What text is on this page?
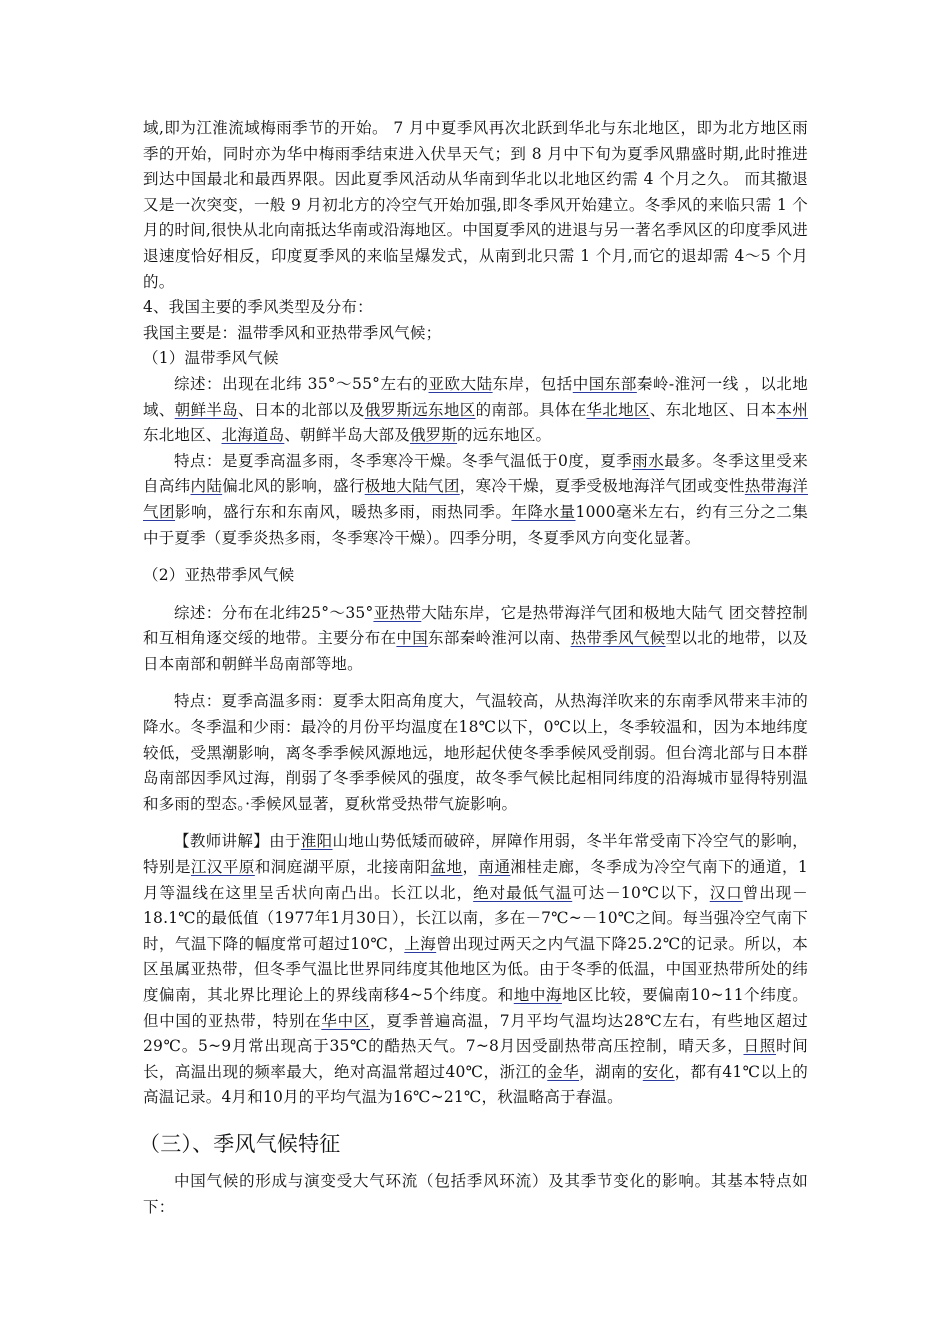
域,即为江淮流域梅雨季节的开始。 7 月中夏季风再次北跃到华北与东北地区，即为北方地区雨季的开始，同时亦为华中梅雨季结束进入伏旱天气；到 8 月中下旬为夏季风鼎盛时期,此时推进到达中国最北和最西界限。因此夏季风活动从华南到华北以北地区约需 4 个月之久。 而其撤退又是一次突变，一般 9 月初北方的冷空气开始加强,即冬季风开始建立。冬季风的来临只需 1 个月的时间,很快从北向南抵达华南或沿海地区。中国夏季风的进退与另一著名季风区的印度季风进退速度恰好相反，印度夏季风的来临呈爆发式，从南到北只需 1 个月,而它的退却需 4～5 个月的。

4、我国主要的季风类型及分布：

我国主要是：温带季风和亚热带季风气候；

（1）温带季风气候

综述：出现在北纬 35°～55°左右的亚欧大陆东岸，包括中国东部秦岭-淮河一线 ，以北地域、朝鲜半岛、日本的北部以及俄罗斯远东地区的南部。具体在华北地区、东北地区、日本本州东北地区、北海道岛、朝鲜半岛大部及俄罗斯的远东地区。

特点：是夏季高温多雨，冬季寒冷干燥。冬季气温低于0度，夏季雨水最多。冬季这里受来自高纬内陆偏北风的影响，盛行极地大陆气团，寒冷干燥，夏季受极地海洋气团或变性热带海洋气团影响，盛行东和东南风，暖热多雨，雨热同季。年降水量1000毫米左右，约有三分之二集中于夏季（夏季炎热多雨，冬季寒冷干燥）。四季分明，冬夏季风方向变化显著。

（2）亚热带季风气候

综述：分布在北纬25°～35°亚热带大陆东岸，它是热带海洋气团和极地大陆气 团交替控制和互相角逐交绥的地带。主要分布在中国东部秦岭淮河以南、热带季风气候型以北的地带，以及日本南部和朝鲜半岛南部等地。

特点：夏季高温多雨：夏季太阳高角度大，气温较高，从热海洋吹来的东南季风带来丰沛的降水。冬季温和少雨：最冷的月份平均温度在18℃以下，0℃以上，冬季较温和，因为本地纬度较低，受黑潮影响，离冬季季候风源地远，地形起伏使冬季季候风受削弱。但台湾北部与日本群岛南部因季风过海，削弱了冬季季候风的强度，故冬季气候比起相同纬度的沿海城市显得特别温和多雨的型态。·季候风显著，夏秋常受热带气旋影响。

【教师讲解】由于淮阳山地山势低矮而破碎，屏障作用弱，冬半年常受南下冷空气的影响，特别是江汉平原和洞庭湖平原，北接南阳盆地，南通湘桂走廊，冬季成为冷空气南下的通道，1月等温线在这里呈舌状向南凸出。长江以北，绝对最低气温可达－10℃以下，汉口曾出现－18.1℃的最低值（1977年1月30日），长江以南，多在－7℃~－10℃之间。每当强冷空气南下时，气温下降的幅度常可超过10℃，上海曾出现过两天之内气温下降25.2℃的记录。所以，本区虽属亚热带，但冬季气温比世界同纬度其他地区为低。由于冬季的低温，中国亚热带所处的纬度偏南，其北界比理论上的界线南移4~5个纬度。和地中海地区比较，要偏南10~11个纬度。但中国的亚热带，特别在华中区，夏季普遍高温，7月平均气温均达28℃左右，有些地区超过29℃。5~9月常出现高于35℃的酷热天气。7~8月因受副热带高压控制，晴天多，日照时间长，高温出现的频率最大，绝对高温常超过40℃，浙江的金华，湖南的安化，都有41℃以上的高温记录。4月和10月的平均气温为16℃~21℃，秋温略高于春温。

（三）、季风气候特征

中国气候的形成与演变受大气环流（包括季风环流）及其季节变化的影响。其基本特点如下：
